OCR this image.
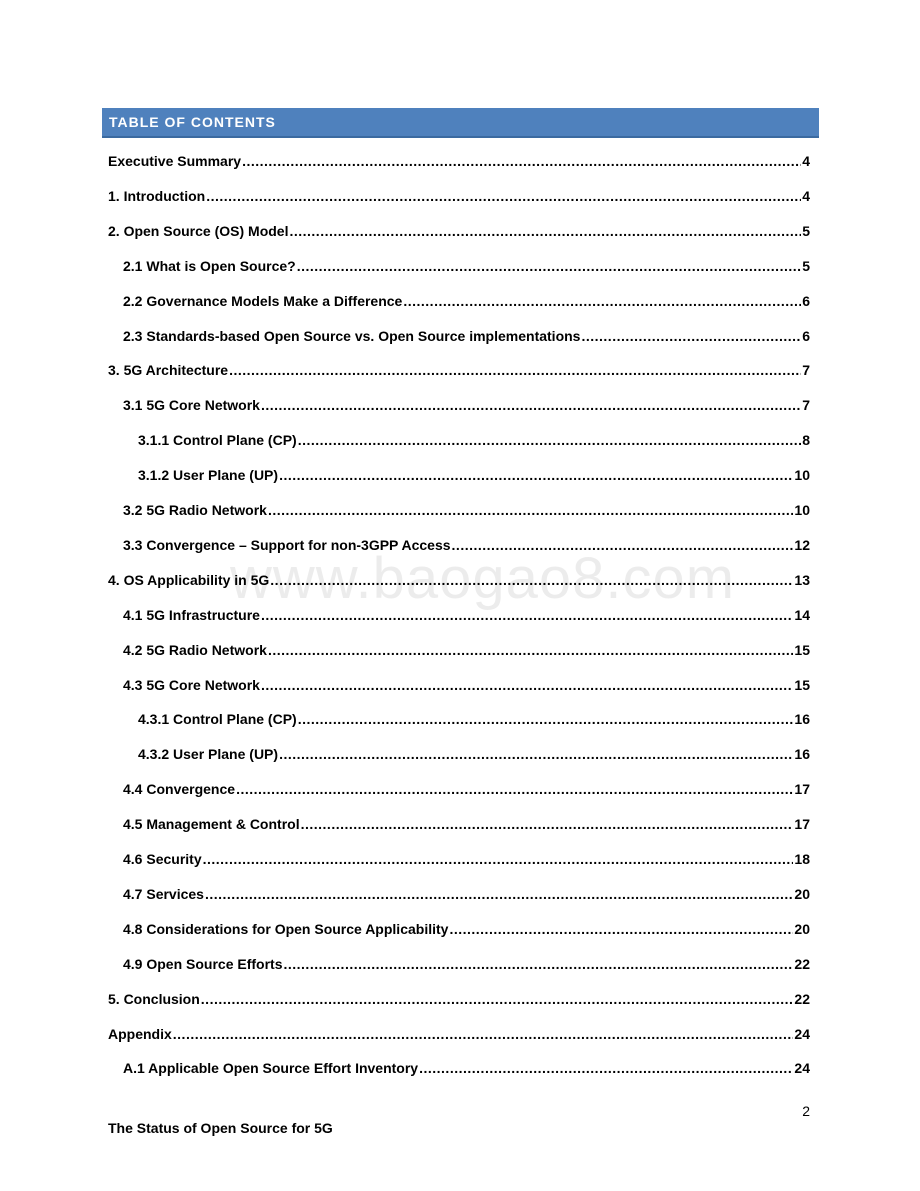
TABLE OF CONTENTS
Executive Summary .....	4
1. Introduction .....	4
2. Open Source (OS) Model .....	5
2.1 What is Open Source? .....	5
2.2 Governance Models Make a Difference .....	6
2.3 Standards-based Open Source vs. Open Source implementations .....	6
3. 5G Architecture .....	7
3.1 5G Core Network .....	7
3.1.1 Control Plane (CP) .....	8
3.1.2 User Plane (UP) .....	10
3.2 5G Radio Network .....	10
3.3 Convergence – Support for non-3GPP Access .....	12
4. OS Applicability in 5G .....	13
4.1 5G Infrastructure .....	14
4.2 5G Radio Network .....	15
4.3 5G Core Network .....	15
4.3.1 Control Plane (CP) .....	16
4.3.2 User Plane (UP) .....	16
4.4 Convergence .....	17
4.5 Management & Control .....	17
4.6 Security .....	18
4.7 Services .....	20
4.8 Considerations for Open Source Applicability .....	20
4.9 Open Source Efforts .....	22
5. Conclusion .....	22
Appendix .....	24
A.1 Applicable Open Source Effort Inventory .....	24
www.baogao8.com
2
The Status of Open Source for 5G
